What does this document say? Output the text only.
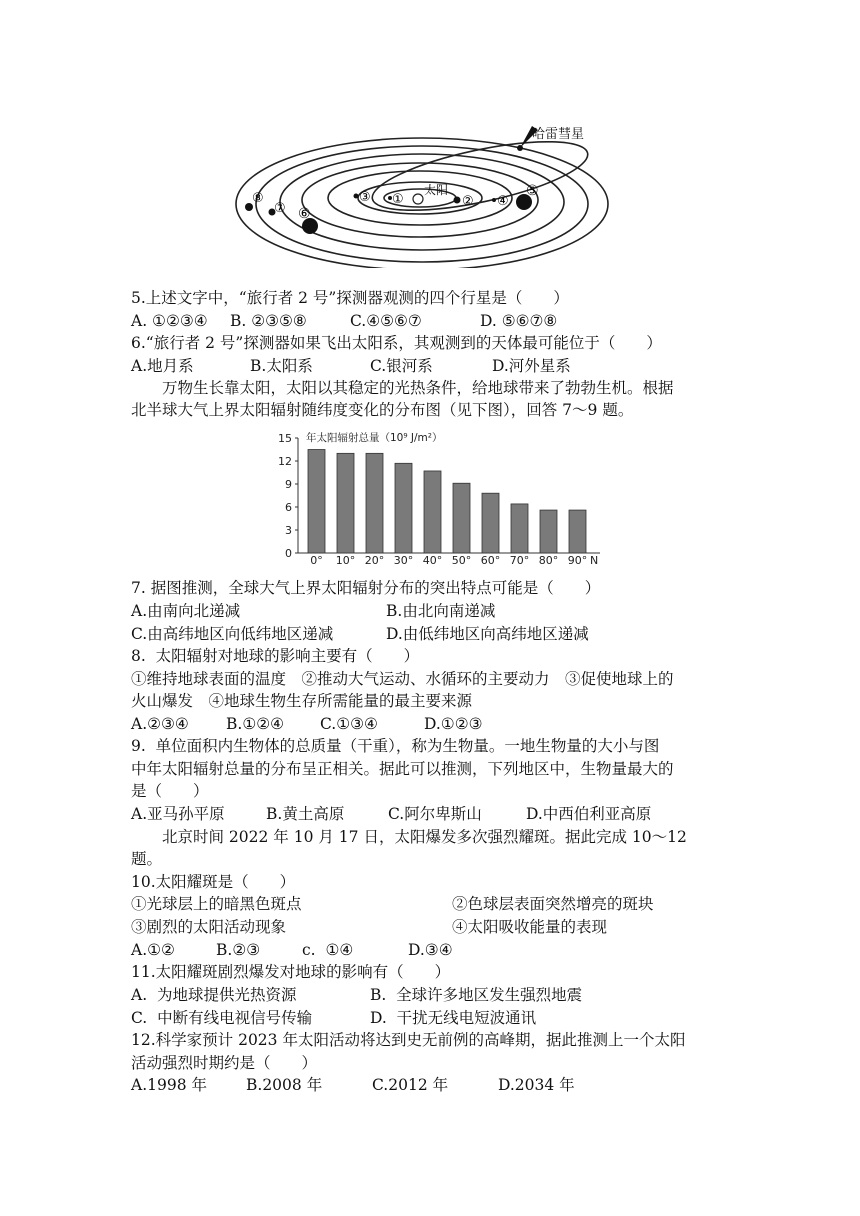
太阳
哈雷彗星
①	②
③	④
⑤
⑥
⑦
⑧
5.上述文字中，“旅行者 2 号”探测器观测的四个行星是（　　）
A. ①②③④ B. ②③⑤⑧	C.④⑤⑥⑦	D. ⑤⑥⑦⑧
6.“旅行者 2 号”探测器如果飞出太阳系，其观测到的天体最可能位于（　　）
A.地月系	B.太阳系	C.银河系	D.河外星系
　　万物生长靠太阳，太阳以其稳定的光热条件，给地球带来了勃勃生机。根据
北半球大气上界太阳辐射随纬度变化的分布图（见下图），回答 7～9 题。
年太阳辐射总量（10⁹ J/m²）
0
3
6
9
12
15
0° 10° 20° 30° 40° 50° 60° 70° 80° 90° N
7. 据图推测，全球大气上界太阳辐射分布的突出特点可能是（　　）
A.由南向北递减	B.由北向南递减
C.由高纬地区向低纬地区递减	D.由低纬地区向高纬地区递减
8.  太阳辐射对地球的影响主要有（　　）
①维持地球表面的温度　②推动大气运动、水循环的主要动力　③促使地球上的
火山爆发　④地球生物生存所需能量的最主要来源
A.②③④ B.①②④ C.①③④	D.①②③
9.  单位面积内生物体的总质量（干重），称为生物量。一地生物量的大小与图
中年太阳辐射总量的分布呈正相关。据此可以推测，下列地区中，生物量最大的
是（　　）
A.亚马孙平原	B.黄土高原	C.阿尔卑斯山	D.中西伯利亚高原
　　北京时间 2022 年 10 月 17 日，太阳爆发多次强烈耀斑。据此完成 10～12
题。
10.太阳耀斑是（　　）
①光球层上的暗黑色斑点	②色球层表面突然增亮的斑块
③剧烈的太阳活动现象	④太阳吸收能量的表现
A.①②	B.②③	c.  ①④	D.③④
11.太阳耀斑剧烈爆发对地球的影响有（　　）
A.  为地球提供光热资源	B.  全球许多地区发生强烈地震
C.  中断有线电视信号传输	D.  干扰无线电短波通讯
12.科学家预计 2023 年太阳活动将达到史无前例的高峰期，据此推测上一个太阳
活动强烈时期约是（　　）
A.1998 年	B.2008 年	C.2012 年	D.2034 年
